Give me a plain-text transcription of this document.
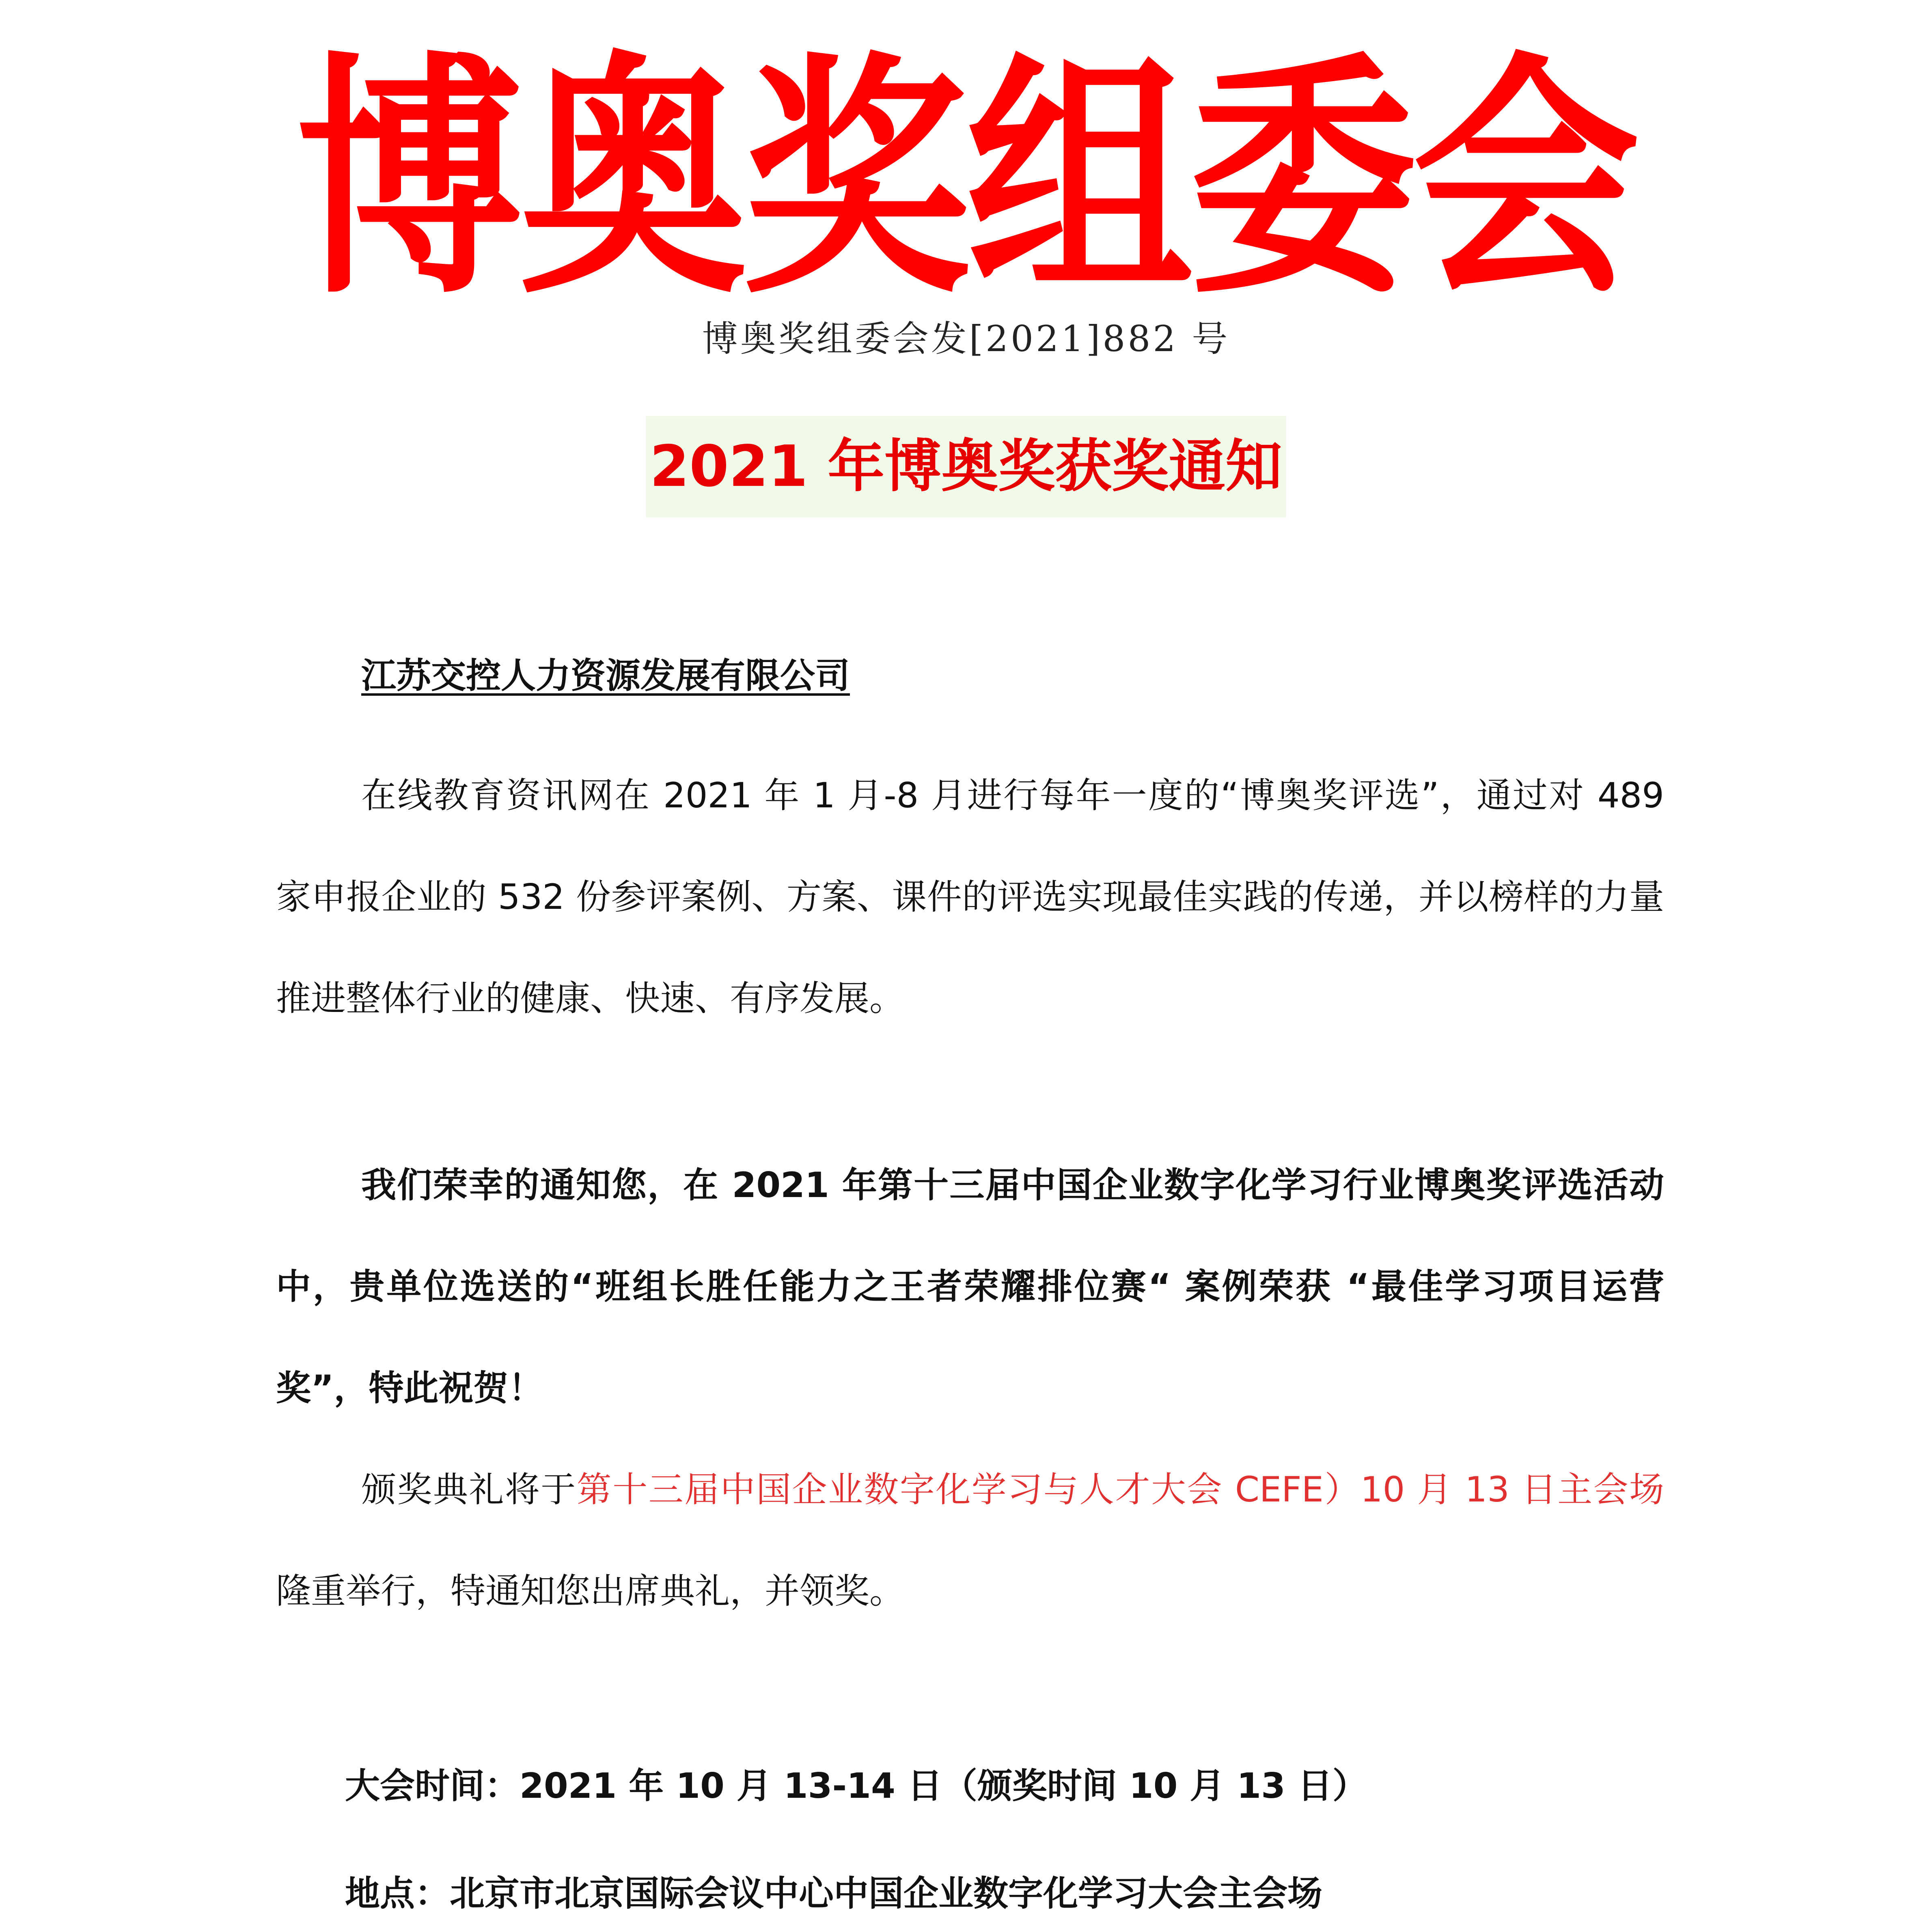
博奥奖组委会
博奥奖组委会发[2021]882 号
2021 年博奥奖获奖通知
江苏交控人力资源发展有限公司
在线教育资讯网在 2021 年 1 月-8 月进行每年一度的“博奥奖评选”，通过对 489 家申报企业的 532 份参评案例、方案、课件的评选实现最佳实践的传递，并以榜样的力量推进整体行业的健康、快速、有序发展。
我们荣幸的通知您，在 2021 年第十三届中国企业数字化学习行业博奥奖评选活动中，贵单位选送的“班组长胜任能力之王者荣耀排位赛“ 案例荣获 “最佳学习项目运营奖”，特此祝贺！
颁奖典礼将于第十三届中国企业数字化学习与人才大会 CEFE）10 月 13 日主会场隆重举行，特通知您出席典礼，并领奖。
大会时间：2021 年 10 月 13-14 日（颁奖时间 10 月 13 日）
地点：北京市北京国际会议中心中国企业数字化学习大会主会场
